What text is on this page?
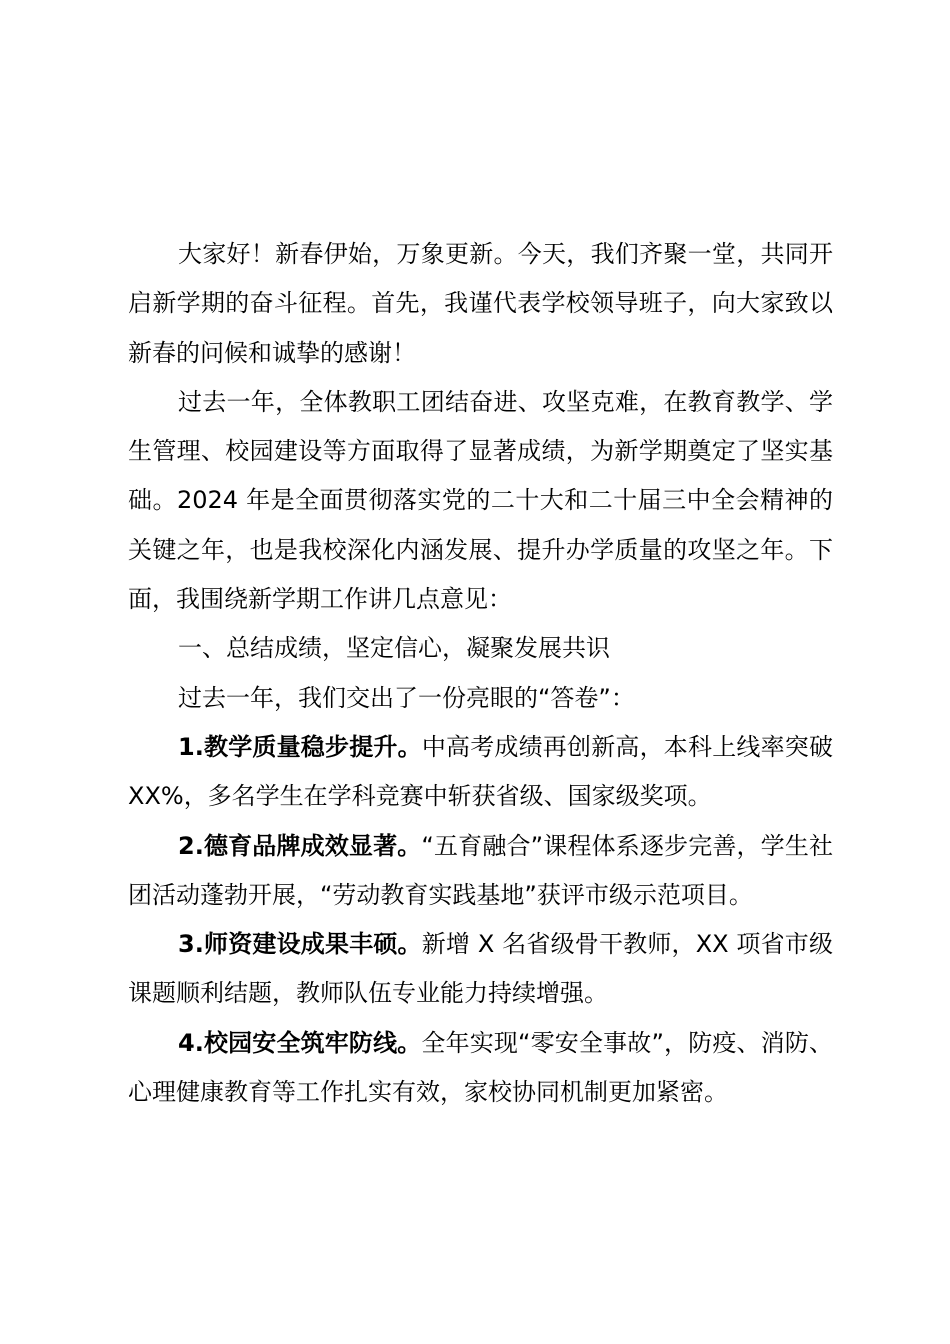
大家好！新春伊始，万象更新。今天，我们齐聚一堂，共同开启新学期的奋斗征程。首先，我谨代表学校领导班子，向大家致以新春的问候和诚挚的感谢！

过去一年，全体教职工团结奋进、攻坚克难，在教育教学、学生管理、校园建设等方面取得了显著成绩，为新学期奠定了坚实基础。2024 年是全面贯彻落实党的二十大和二十届三中全会精神的关键之年，也是我校深化内涵发展、提升办学质量的攻坚之年。下面，我围绕新学期工作讲几点意见：

一、总结成绩，坚定信心，凝聚发展共识

过去一年，我们交出了一份亮眼的“答卷”：

1.教学质量稳步提升。中高考成绩再创新高，本科上线率突破 XX%，多名学生在学科竞赛中斩获省级、国家级奖项。

2.德育品牌成效显著。“五育融合”课程体系逐步完善，学生社团活动蓬勃开展，“劳动教育实践基地”获评市级示范项目。

3.师资建设成果丰硕。新增 X 名省级骨干教师，XX 项省市级课题顺利结题，教师队伍专业能力持续增强。

4.校园安全筑牢防线。全年实现“零安全事故”，防疫、消防、心理健康教育等工作扎实有效，家校协同机制更加紧密。
